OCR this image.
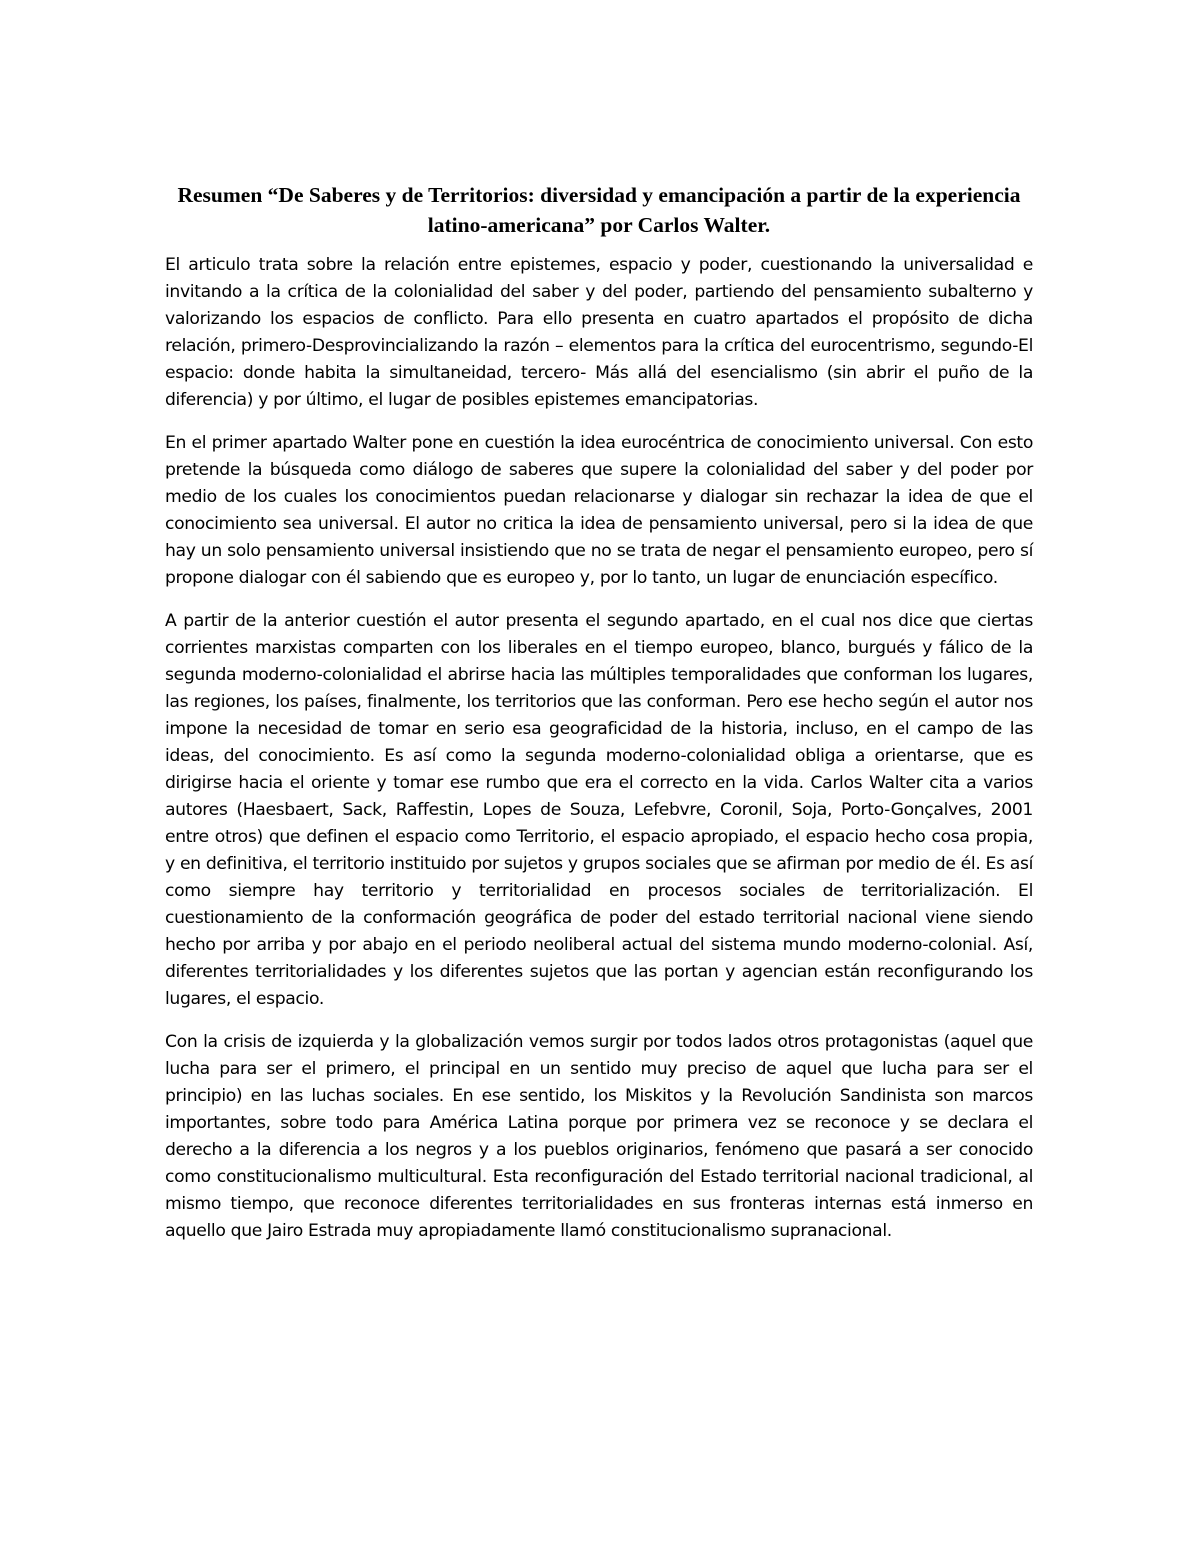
Resumen “De Saberes y de Territorios: diversidad y emancipación a partir de la experiencia latino-americana” por Carlos Walter.

El articulo trata sobre la relación entre epistemes, espacio y poder, cuestionando la universalidad e invitando a la crítica de la colonialidad del saber y del poder, partiendo del pensamiento subalterno y valorizando los espacios de conflicto. Para ello presenta en cuatro apartados el propósito de dicha relación, primero-Desprovincializando la razón – elementos para la crítica del eurocentrismo, segundo-El espacio: donde habita la simultaneidad, tercero- Más allá del esencialismo (sin abrir el puño de la diferencia) y por último, el lugar de posibles epistemes emancipatorias.

En el primer apartado Walter pone en cuestión la idea eurocéntrica de conocimiento universal. Con esto pretende la búsqueda como diálogo de saberes que supere la colonialidad del saber y del poder por medio de los cuales los conocimientos puedan relacionarse y dialogar sin rechazar la idea de que el conocimiento sea universal. El autor no critica la idea de pensamiento universal, pero si la idea de que hay un solo pensamiento universal insistiendo que no se trata de negar el pensamiento europeo, pero sí propone dialogar con él sabiendo que es europeo y, por lo tanto, un lugar de enunciación específico.

A partir de la anterior cuestión el autor presenta el segundo apartado, en el cual nos dice que ciertas corrientes marxistas comparten con los liberales en el tiempo europeo, blanco, burgués y fálico de la segunda moderno-colonialidad el abrirse hacia las múltiples temporalidades que conforman los lugares, las regiones, los países, finalmente, los territorios que las conforman. Pero ese hecho según el autor nos impone la necesidad de tomar en serio esa geograficidad de la historia, incluso, en el campo de las ideas, del conocimiento. Es así como la segunda moderno-colonialidad obliga a orientarse, que es dirigirse hacia el oriente y tomar ese rumbo que era el correcto en la vida. Carlos Walter cita a varios autores (Haesbaert, Sack, Raffestin, Lopes de Souza, Lefebvre, Coronil, Soja, Porto-Gonçalves, 2001 entre otros) que definen el espacio como Territorio, el espacio apropiado, el espacio hecho cosa propia, y en definitiva, el territorio instituido por sujetos y grupos sociales que se afirman por medio de él. Es así como siempre hay territorio y territorialidad en procesos sociales de territorialización. El cuestionamiento de la conformación geográfica de poder del estado territorial nacional viene siendo hecho por arriba y por abajo en el periodo neoliberal actual del sistema mundo moderno-colonial. Así, diferentes territorialidades y los diferentes sujetos que las portan y agencian están reconfigurando los lugares, el espacio.

Con la crisis de izquierda y la globalización vemos surgir por todos lados otros protagonistas (aquel que lucha para ser el primero, el principal en un sentido muy preciso de aquel que lucha para ser el principio) en las luchas sociales. En ese sentido, los Miskitos y la Revolución Sandinista son marcos importantes, sobre todo para América Latina porque por primera vez se reconoce y se declara el derecho a la diferencia a los negros y a los pueblos originarios, fenómeno que pasará a ser conocido como constitucionalismo multicultural. Esta reconfiguración del Estado territorial nacional tradicional, al mismo tiempo, que reconoce diferentes territorialidades en sus fronteras internas está inmerso en aquello que Jairo Estrada muy apropiadamente llamó constitucionalismo supranacional.
